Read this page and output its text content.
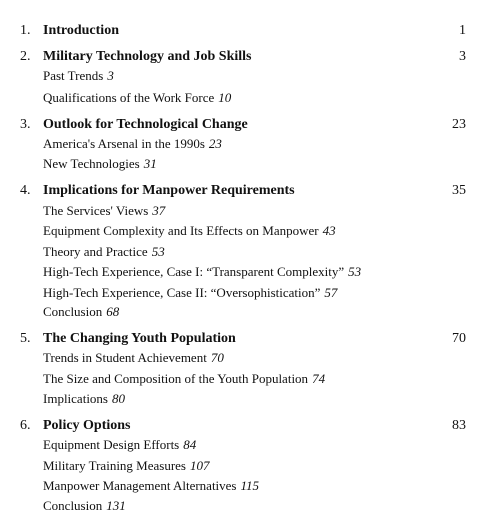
1. Introduction	1
2. Military Technology and Job Skills	3
Past Trends 3
Qualifications of the Work Force 10
3. Outlook for Technological Change	23
America's Arsenal in the 1990s 23
New Technologies 31
4. Implications for Manpower Requirements	35
The Services' Views 37
Equipment Complexity and Its Effects on Manpower 43
Theory and Practice 53
High-Tech Experience, Case I: “Transparent Complexity” 53
High-Tech Experience, Case II: “Oversophistication” 57
Conclusion 68
5. The Changing Youth Population	70
Trends in Student Achievement 70
The Size and Composition of the Youth Population 74
Implications 80
6. Policy Options	83
Equipment Design Efforts 84
Military Training Measures 107
Manpower Management Alternatives 115
Conclusion 131
